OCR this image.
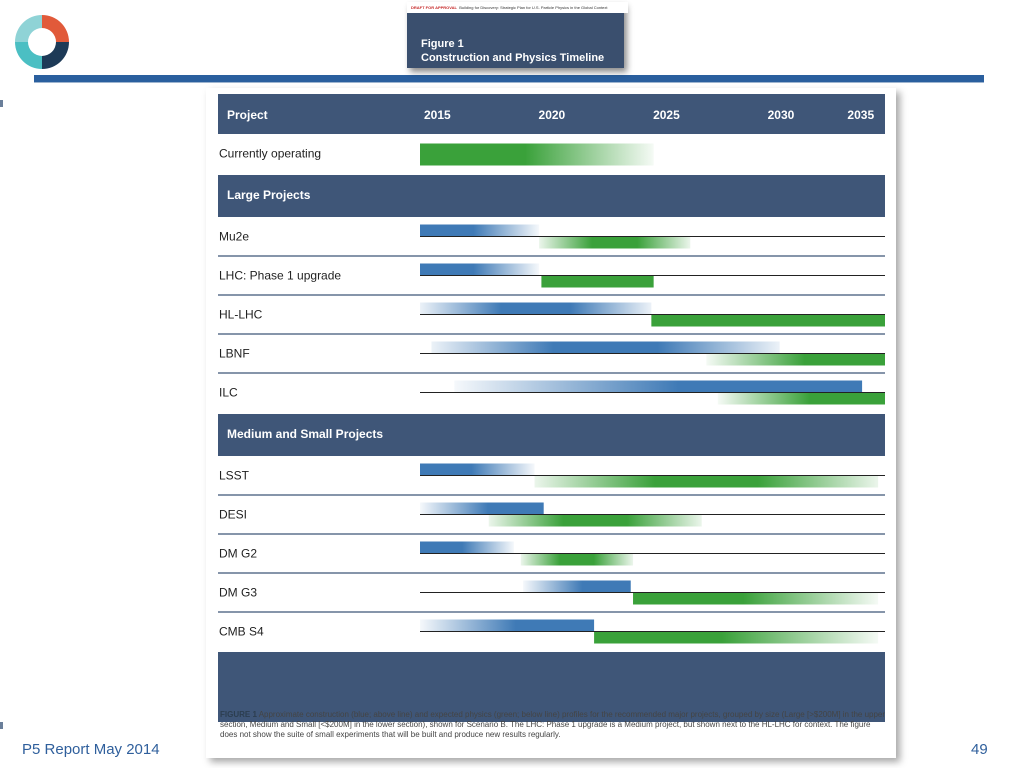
DRAFT FOR APPROVAL Building for Discovery: Strategic Plan for U.S. Particle Physics in the Global Context
Figure 1
Construction and Physics Timeline
Project	2015	2020	2025	2030	2035
Currently operating
Large Projects
Mu2e
LHC: Phase 1 upgrade
HL-LHC
LBNF
ILC
Medium and Small Projects
LSST
DESI
DM G2
DM G3
CMB S4
FIGURE 1 Approximate construction (blue; above line) and expected physics (green; below line) profiles for the recommended major projects, grouped by size (Large [>$200M] in the upper section, Medium and Small [<$200M] in the lower section), shown for Scenario B. The LHC: Phase 1 upgrade is a Medium project, but shown next to the HL-LHC for context. The figure does not show the suite of small experiments that will be built and produce new results regularly.
P5 Report May 2014	49
